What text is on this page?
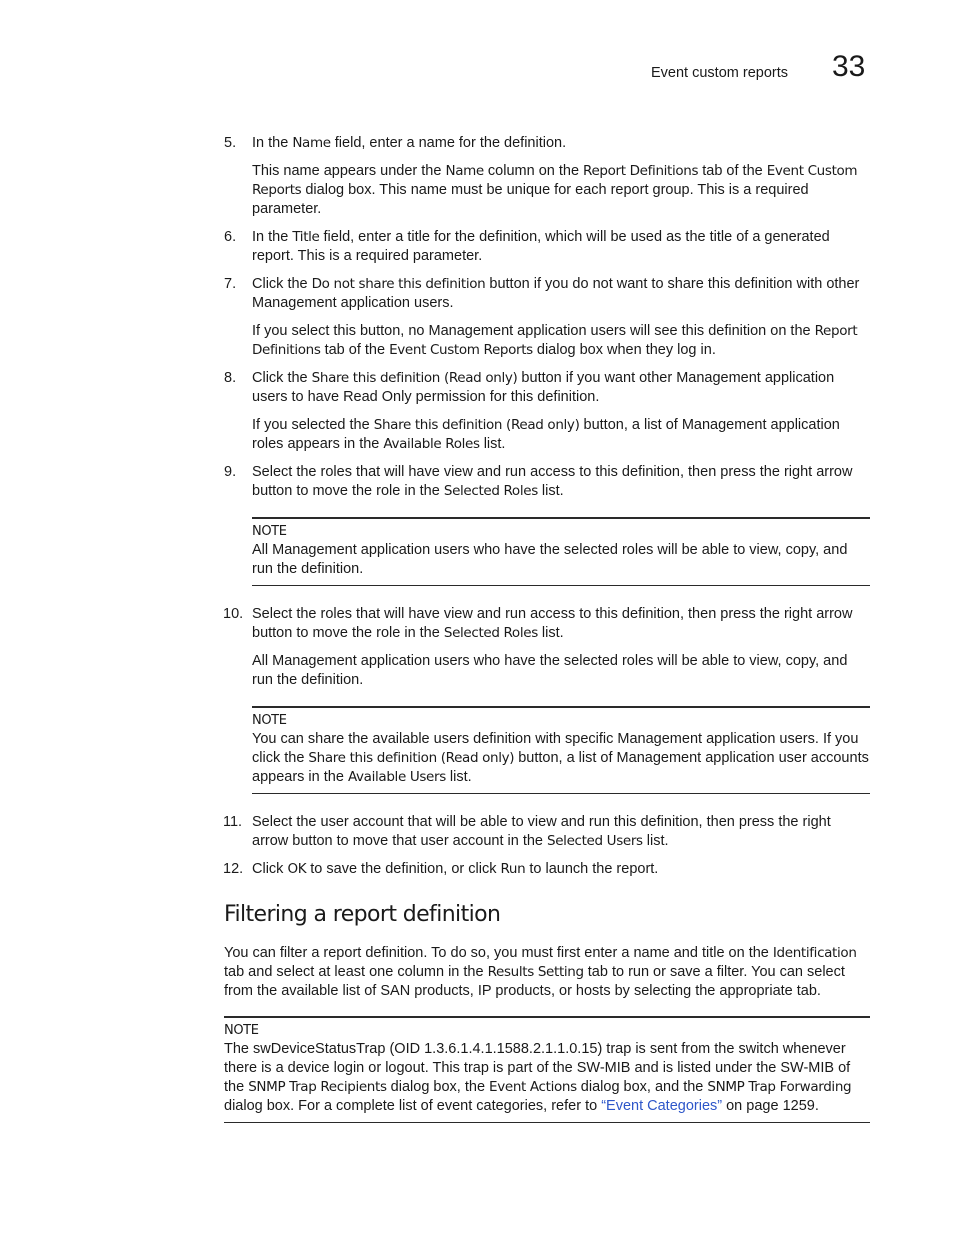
Event custom reports 33
5.	In the Name field, enter a name for the definition.

This name appears under the Name column on the Report Definitions tab of the Event Custom Reports dialog box. This name must be unique for each report group. This is a required parameter.

6.	In the Title field, enter a title for the definition, which will be used as the title of a generated report. This is a required parameter.

7.	Click the Do not share this definition button if you do not want to share this definition with other Management application users.

If you select this button, no Management application users will see this definition on the Report Definitions tab of the Event Custom Reports dialog box when they log in.

8.	Click the Share this definition (Read only) button if you want other Management application users to have Read Only permission for this definition.

If you selected the Share this definition (Read only) button, a list of Management application roles appears in the Available Roles list.

9.	Select the roles that will have view and run access to this definition, then press the right arrow button to move the role in the Selected Roles list.

NOTE

All Management application users who have the selected roles will be able to view, copy, and run the definition.

10. Select the roles that will have view and run access to this definition, then press the right arrow button to move the role in the Selected Roles list.

All Management application users who have the selected roles will be able to view, copy, and run the definition.

NOTE

You can share the available users definition with specific Management application users. If you click the Share this definition (Read only) button, a list of Management application user accounts appears in the Available Users list.

11. Select the user account that will be able to view and run this definition, then press the right arrow button to move that user account in the Selected Users list.

12. Click OK to save the definition, or click Run to launch the report.

Filtering a report definition

You can filter a report definition. To do so, you must first enter a name and title on the Identification tab and select at least one column in the Results Setting tab to run or save a filter. You can select from the available list of SAN products, IP products, or hosts by selecting the appropriate tab.

NOTE

The swDeviceStatusTrap (OID 1.3.6.1.4.1.1588.2.1.1.0.15) trap is sent from the switch whenever there is a device login or logout. This trap is part of the SW-MIB and is listed under the SW-MIB of the SNMP Trap Recipients dialog box, the Event Actions dialog box, and the SNMP Trap Forwarding dialog box. For a complete list of event categories, refer to “Event Categories” on page 1259.
